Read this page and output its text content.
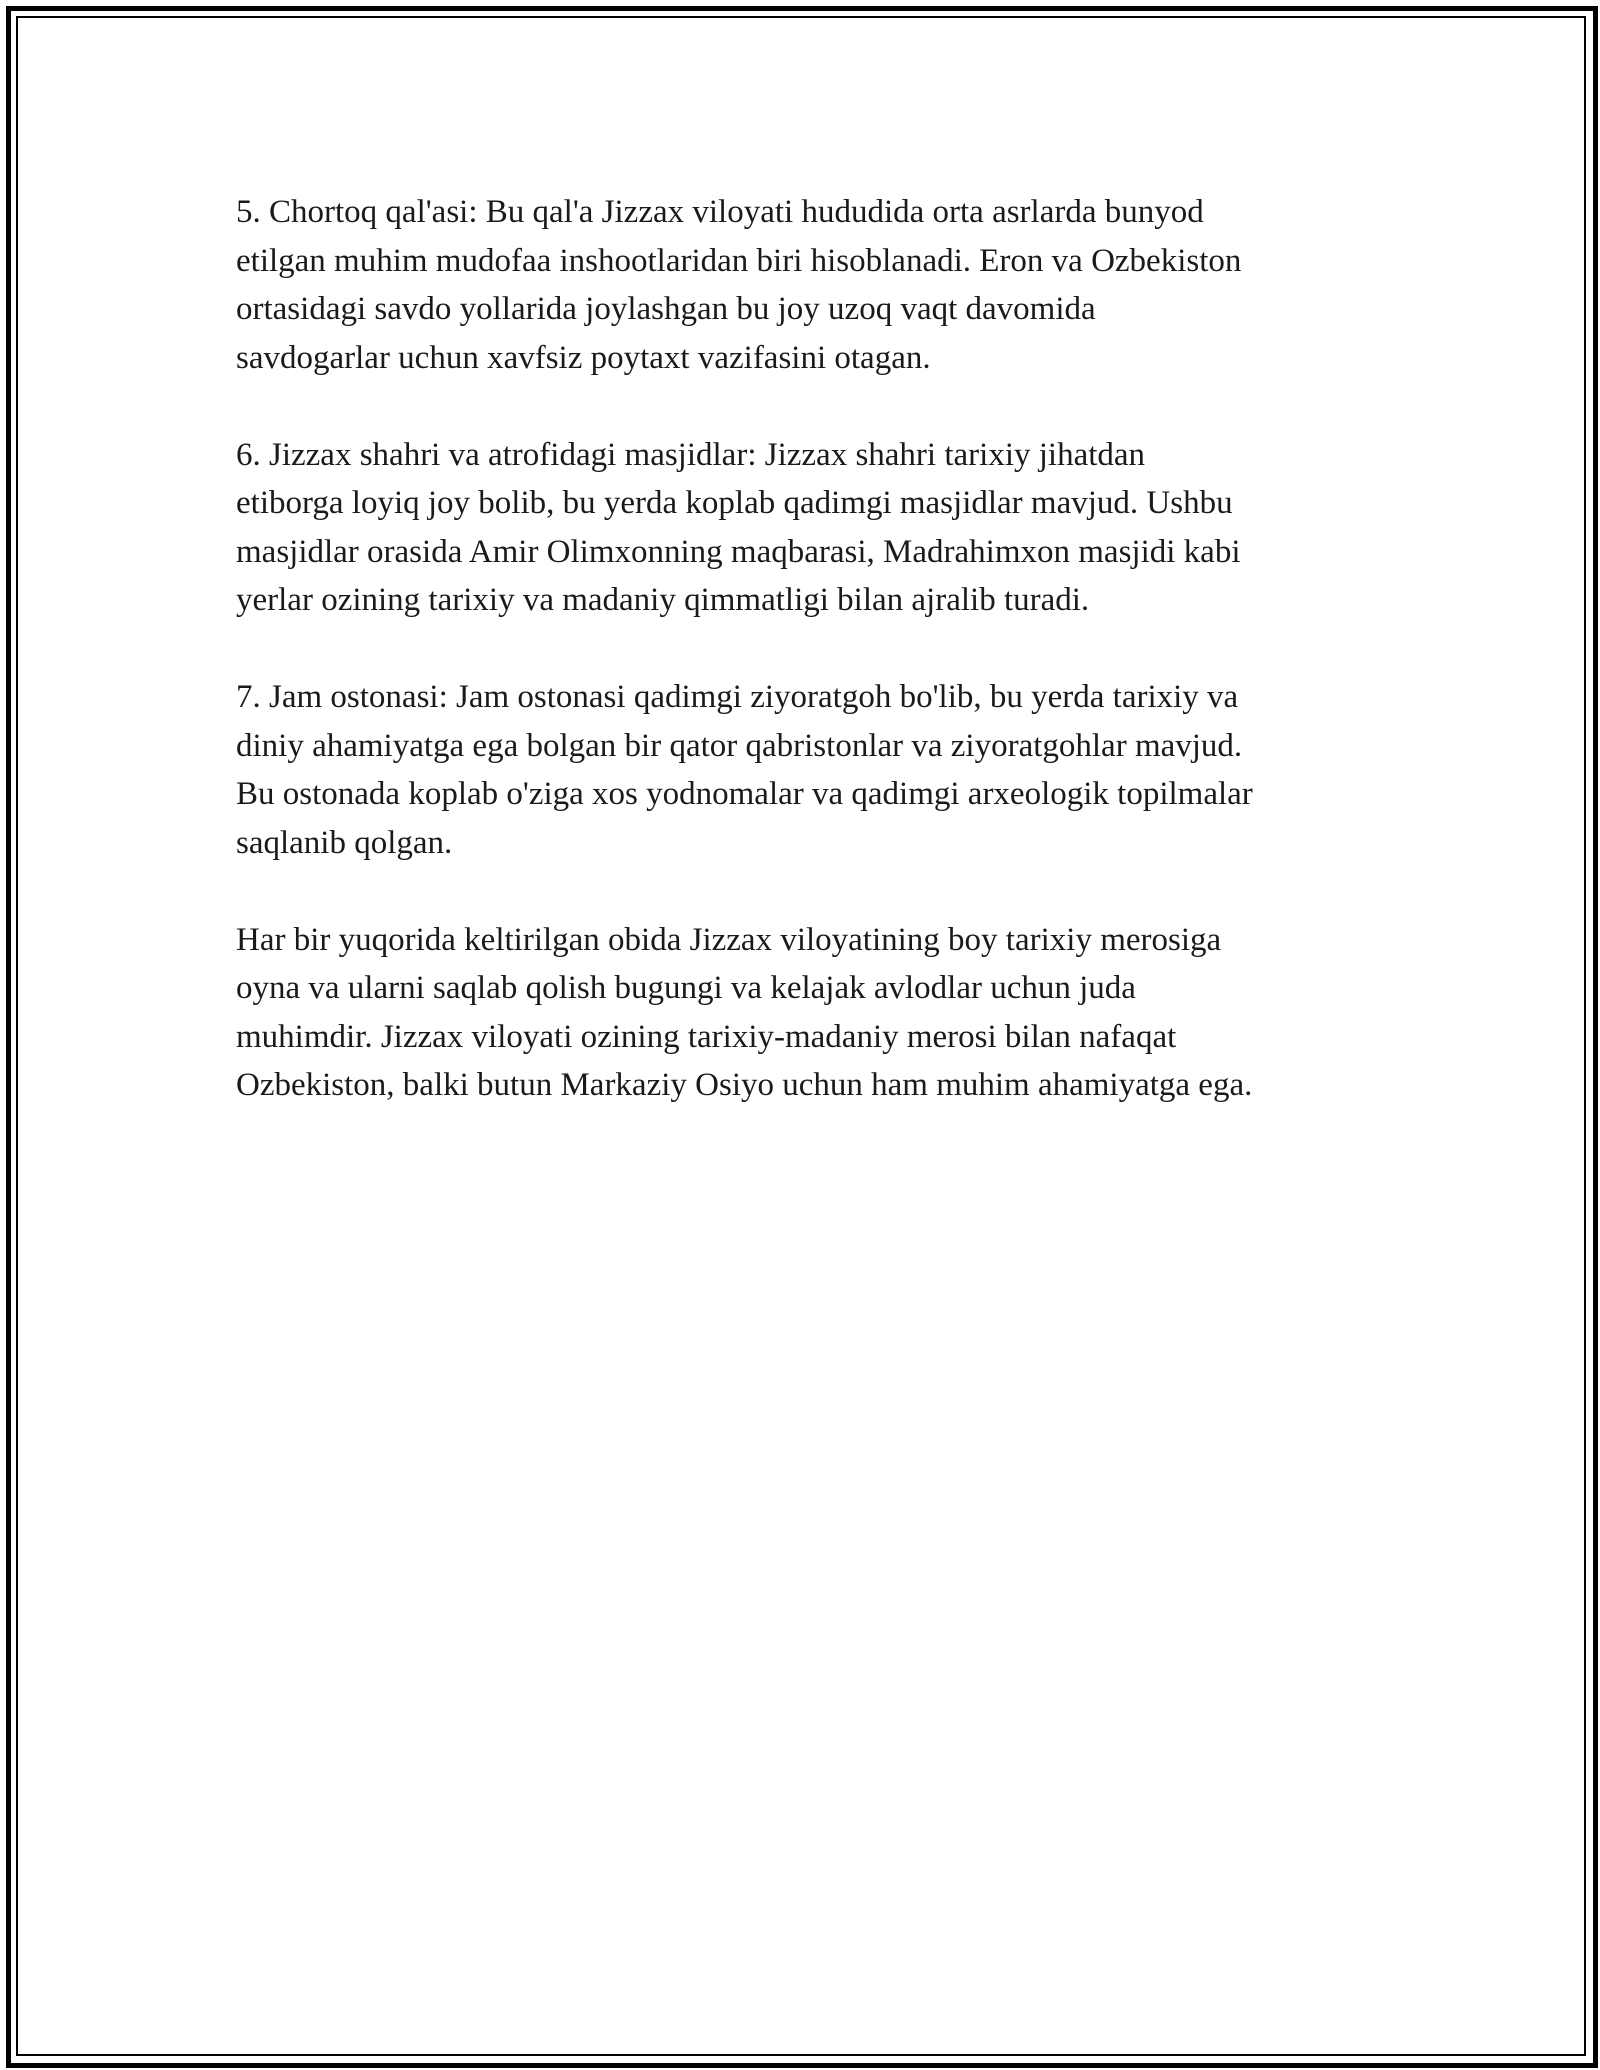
5. Chortoq qal'asi: Bu qal'a Jizzax viloyati hududida orta asrlarda bunyod
etilgan muhim mudofaa inshootlaridan biri hisoblanadi. Eron va Ozbekiston
ortasidagi savdo yollarida joylashgan bu joy uzoq vaqt davomida
savdogarlar uchun xavfsiz poytaxt vazifasini otagan.

6. Jizzax shahri va atrofidagi masjidlar: Jizzax shahri tarixiy jihatdan
etiborga loyiq joy bolib, bu yerda koplab qadimgi masjidlar mavjud. Ushbu
masjidlar orasida Amir Olimxonning maqbarasi, Madrahimxon masjidi kabi
yerlar ozining tarixiy va madaniy qimmatligi bilan ajralib turadi.

7. Jam ostonasi: Jam ostonasi qadimgi ziyoratgoh bo'lib, bu yerda tarixiy va
diniy ahamiyatga ega bolgan bir qator qabristonlar va ziyoratgohlar mavjud.
Bu ostonada koplab o'ziga xos yodnomalar va qadimgi arxeologik topilmalar
saqlanib qolgan.

Har bir yuqorida keltirilgan obida Jizzax viloyatining boy tarixiy merosiga
oyna va ularni saqlab qolish bugungi va kelajak avlodlar uchun juda
muhimdir. Jizzax viloyati ozining tarixiy-madaniy merosi bilan nafaqat
Ozbekiston, balki butun Markaziy Osiyo uchun ham muhim ahamiyatga ega.
